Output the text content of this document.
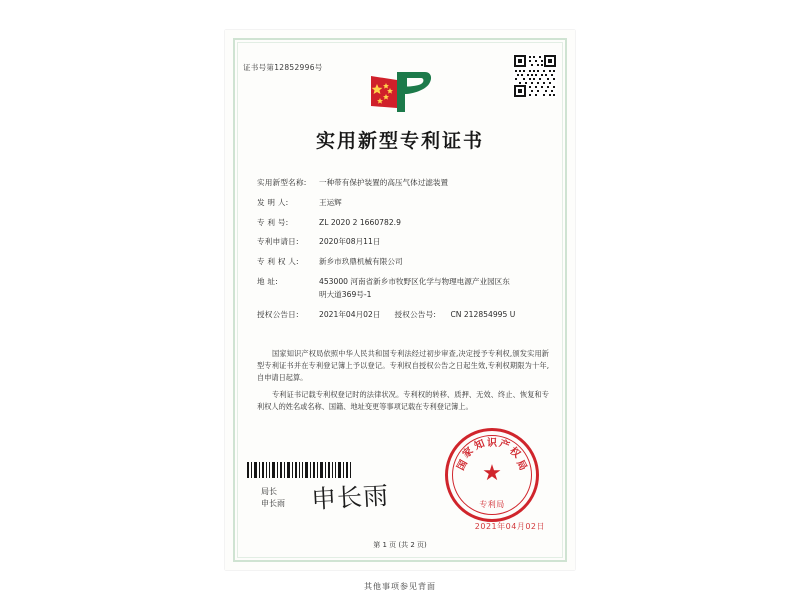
证书号第12852996号
实用新型专利证书
实用新型名称:	一种带有保护装置的高压气体过滤装置
发 明 人:	王运辉
专 利 号:	ZL 2020 2 1660782.9
专利申请日:	2020年08月11日
专 利 权 人:	新乡市玖鼎机械有限公司
地 址:	453000 河南省新乡市牧野区化学与物理电源产业园区东
明大道369号-1
授权公告日:	2021年04月02日 授权公告号:	CN 212854995 U

国家知识产权局依照中华人民共和国专利法经过初步审查,决定授予专利权,颁发实用新型专利证书并在专利登记簿上予以登记。专利权自授权公告之日起生效,专利权期限为十年,自申请日起算。

专利证书记载专利权登记时的法律状况。专利权的转移、质押、无效、终止、恢复和专利权人的姓名或名称、国籍、地址变更等事项记载在专利登记簿上。

局长
申长雨 申长雨
★
国
家
知 识 产
权
局
专利局
2021年04月02日
第 1 页 (共 2 页)
其他事项参见背面
